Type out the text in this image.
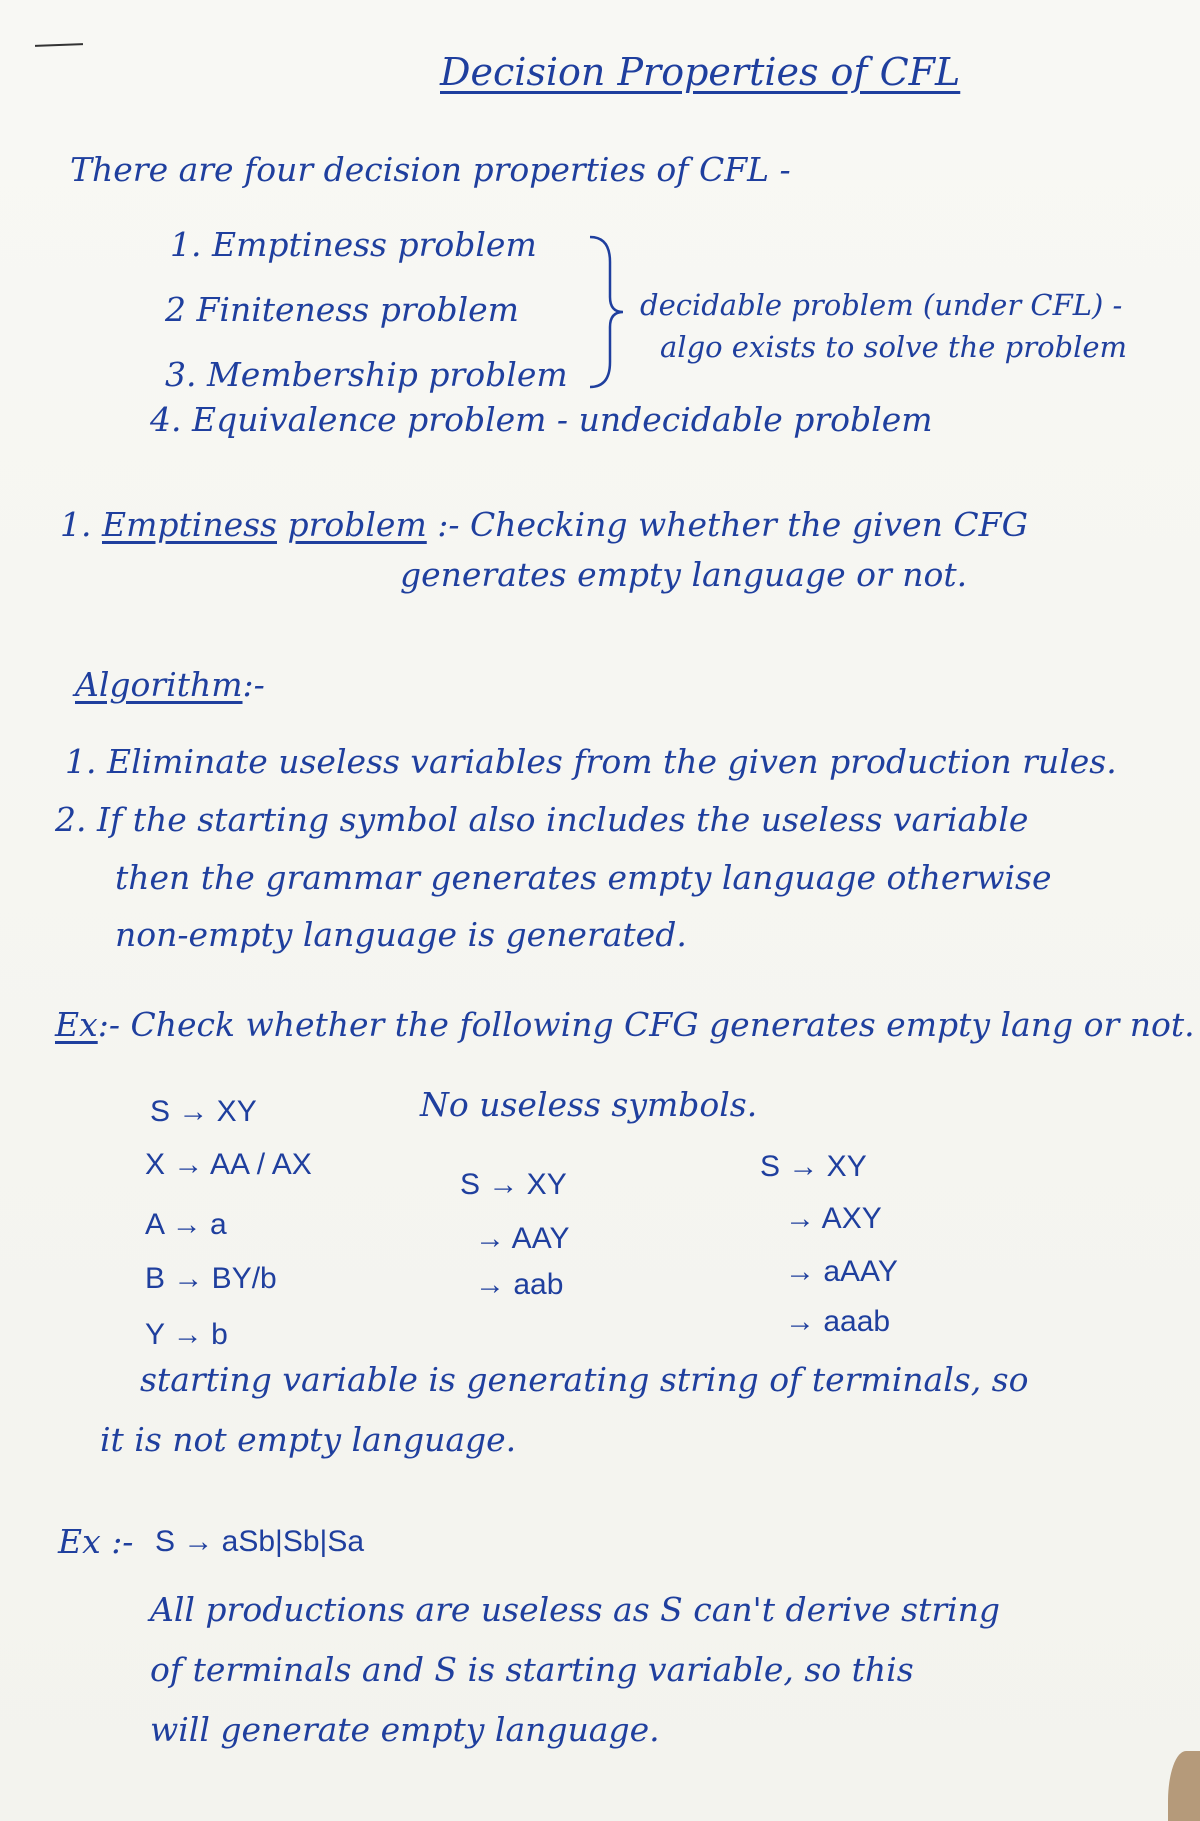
Decision Properties of CFL
There are four decision properties of CFL -
1. Emptiness problem
2 Finiteness problem
3. Membership problem
decidable problem (under CFL) -
algo exists to solve the problem
4. Equivalence problem - undecidable problem
1. Emptiness problem :- Checking whether the given CFG
generates empty language or not.
Algorithm:-
1. Eliminate useless variables from the given production rules.
2. If the starting symbol also includes the useless variable
then the grammar generates empty language otherwise
non-empty language is generated.
Ex:- Check whether the following CFG generates empty lang or not.
S → XY
X → AA / AX
A → a
B → BY/b
Y → b
No useless symbols.
S → XY
→ AAY
→ aab
S → XY
→ AXY
→ aAAY
→ aaab
starting variable is generating string of terminals, so
it is not empty language.
Ex :- S → aSb|Sb|Sa
All productions are useless as S can't derive string
of terminals and S is starting variable, so this
will generate empty language.
